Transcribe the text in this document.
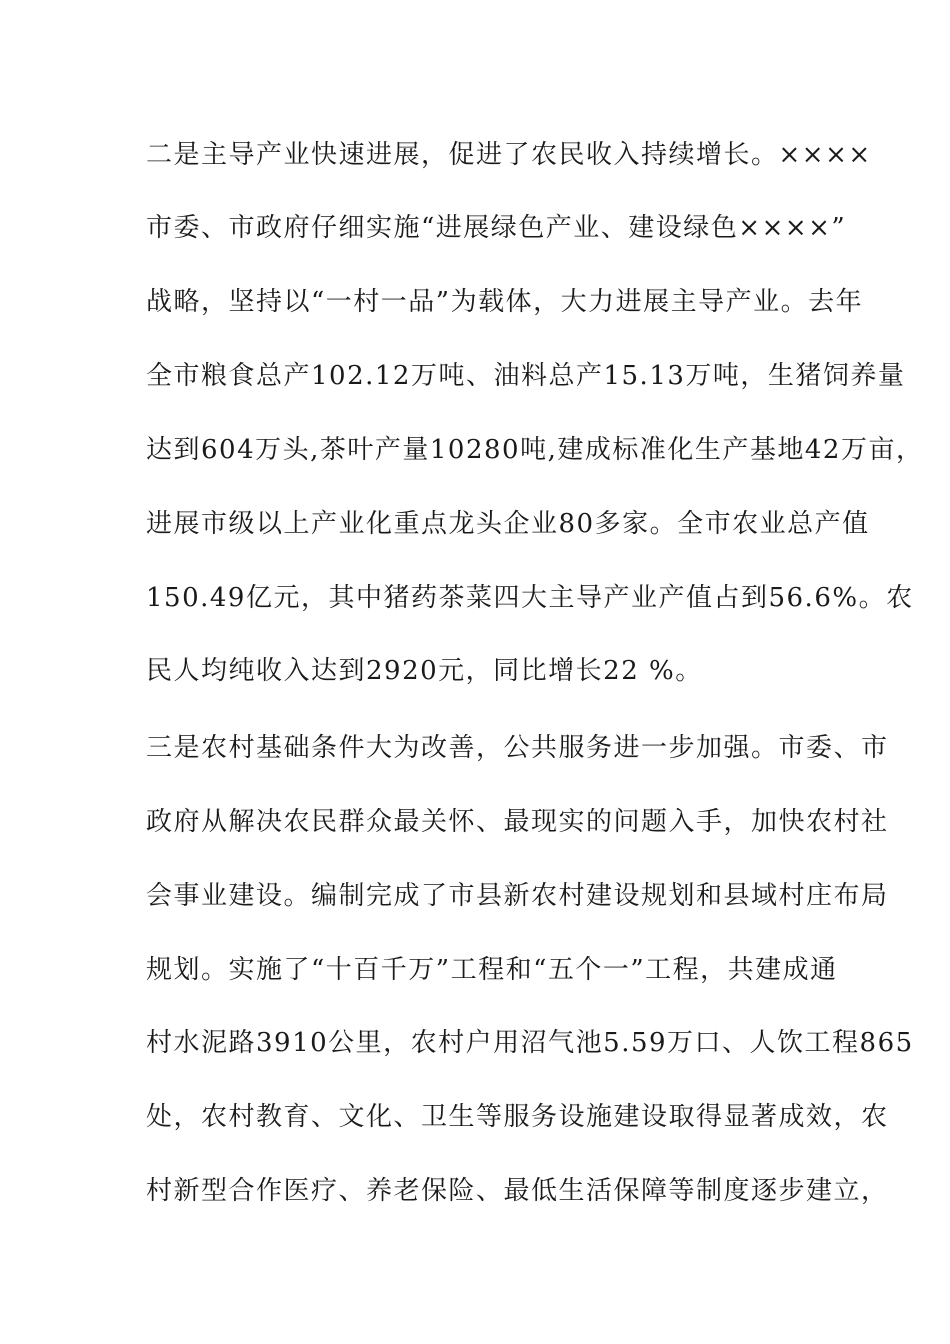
二是主导产业快速进展，促进了农民收入持续增长。××××
市委、市政府仔细实施“进展绿色产业、建设绿色××××”
战略，坚持以“一村一品”为载体，大力进展主导产业。去年
全市粮食总产102.12万吨、油料总产15.13万吨，生猪饲养量
达到604万头,茶叶产量10280吨,建成标准化生产基地42万亩，
进展市级以上产业化重点龙头企业80多家。全市农业总产值
150.49亿元，其中猪药茶菜四大主导产业产值占到56.6%。农
民人均纯收入达到2920元，同比增长22 %。
三是农村基础条件大为改善，公共服务进一步加强。市委、市
政府从解决农民群众最关怀、最现实的问题入手，加快农村社
会事业建设。编制完成了市县新农村建设规划和县域村庄布局
规划。实施了“十百千万”工程和“五个一”工程，共建成通
村水泥路3910公里，农村户用沼气池5.59万口、人饮工程865
处，农村教育、文化、卫生等服务设施建设取得显著成效，农
村新型合作医疗、养老保险、最低生活保障等制度逐步建立，
